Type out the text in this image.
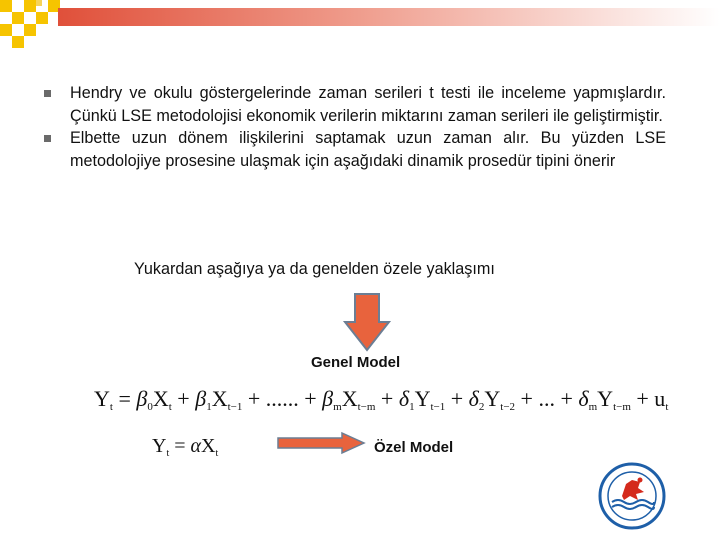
Hendry ve okulu göstergelerinde zaman serileri t testi ile inceleme yapmışlardır. Çünkü LSE metodolojisi ekonomik verilerin miktarını zaman serileri ile geliştirmiştir.
Elbette uzun dönem ilişkilerini saptamak uzun zaman alır. Bu yüzden LSE metodolojiye prosesine ulaşmak için aşağıdaki dinamik prosedür tipini önerir
Yukardan aşağıya ya da genelden özele yaklaşımı
Genel Model
Yt = β0Xt + β1Xt−1 + ...... + βmXt−m + δ1Yt−1 + δ2Yt−2 + ... + δmYt−m + ut
$Y_t = \alpha X_t$	Özel Model
